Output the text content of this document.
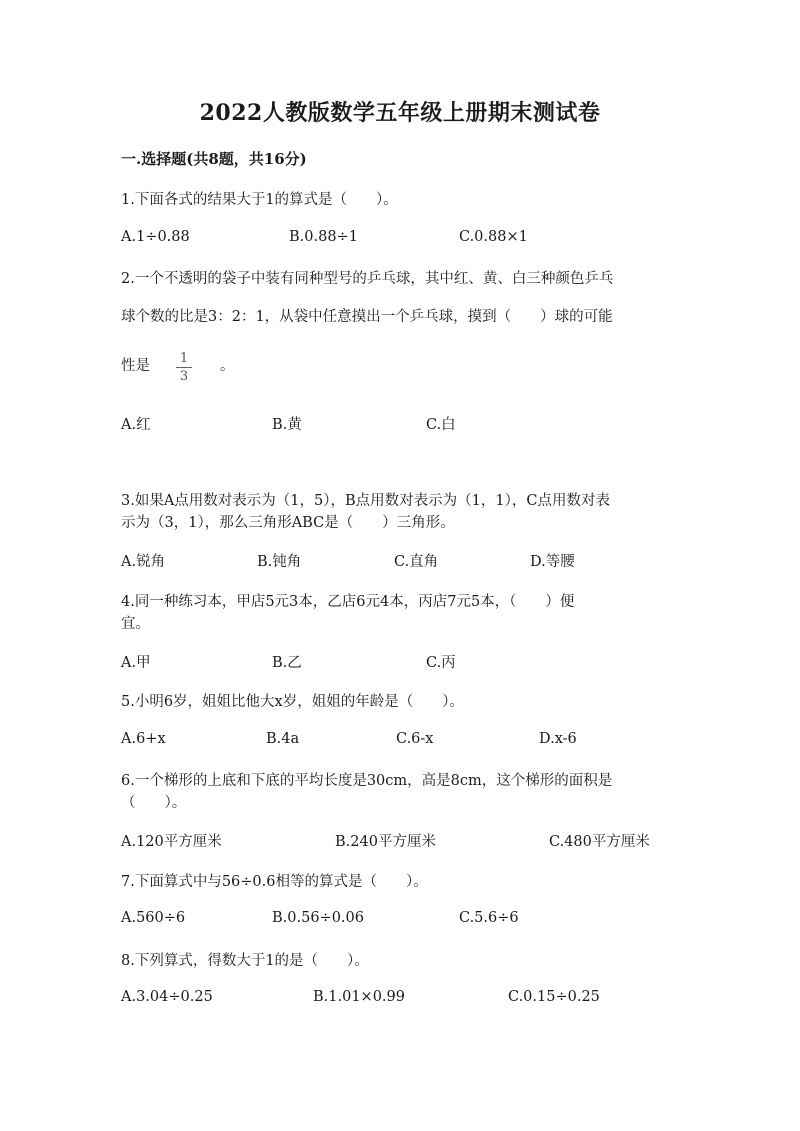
2022人教版数学五年级上册期末测试卷
一.选择题(共8题，共16分)
1.下面各式的结果大于1的算式是（　　）。
A.1÷0.88	B.0.88÷1	C.0.88×1
2.一个不透明的袋子中装有同种型号的乒乓球，其中红、黄、白三种颜色乒乓
球个数的比是3：2：1，从袋中任意摸出一个乒乓球，摸到（　　）球的可能
性是 1
3
。
A.红	B.黄	C.白
3.如果A点用数对表示为（1，5），B点用数对表示为（1，1），C点用数对表
示为（3，1），那么三角形ABC是（　　）三角形。
A.锐角	B.钝角	C.直角	D.等腰
4.同一种练习本，甲店5元3本，乙店6元4本，丙店7元5本，（　　）便
宜。
A.甲	B.乙	C.丙
5.小明6岁，姐姐比他大x岁，姐姐的年龄是（　　）。
A.6+x	B.4a	C.6-x	D.x-6
6.一个梯形的上底和下底的平均长度是30cm，高是8cm，这个梯形的面积是
（　　）。
A.120平方厘米	B.240平方厘米	C.480平方厘米
7.下面算式中与56÷0.6相等的算式是（　　）。
A.560÷6	B.0.56÷0.06	C.5.6÷6
8.下列算式，得数大于1的是（　　）。
A.3.04÷0.25	B.1.01×0.99	C.0.15÷0.25
